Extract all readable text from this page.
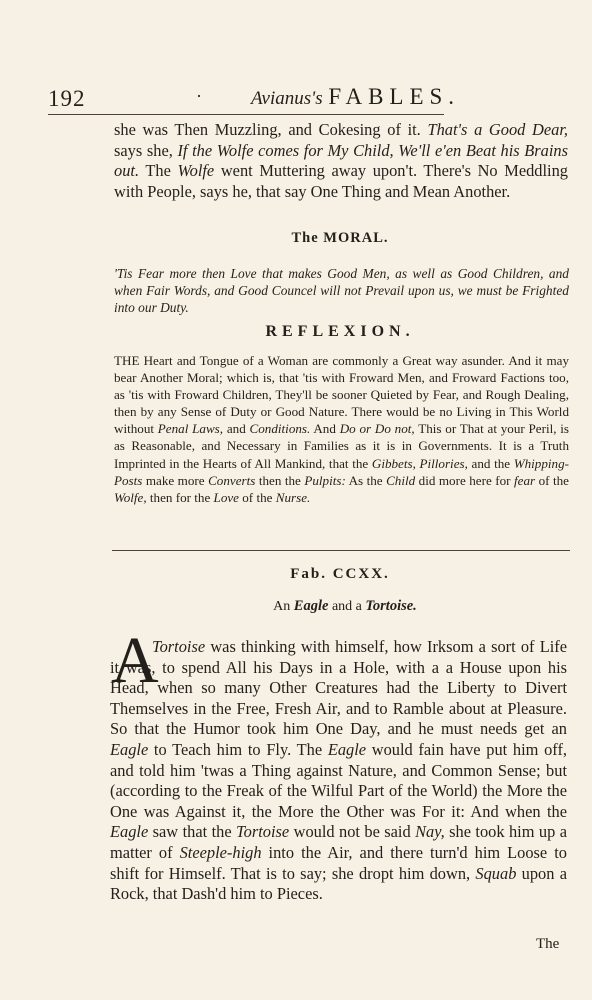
192	·	Avianus's FABLES.

she was Then Muzzling, and Cokesing of it. That's a Good Dear, says she, If the Wolfe comes for My Child, We'll e'en Beat his Brains out. The Wolfe went Muttering away upon't. There's No Meddling with People, says he, that say One Thing and Mean Another.

The MORAL.

'Tis Fear more then Love that makes Good Men, as well as Good Children, and when Fair Words, and Good Councel will not Prevail upon us, we must be Frighted into our Duty.

REFLEXION.

THE Heart and Tongue of a Woman are commonly a Great way asunder. And it may bear Another Moral; which is, that 'tis with Froward Men, and Froward Factions too, as 'tis with Froward Children, They'll be sooner Quieted by Fear, and Rough Dealing, then by any Sense of Duty or Good Nature. There would be no Living in This World without Penal Laws, and Conditions. And Do or Do not, This or That at your Peril, is as Reasonable, and Necessary in Families as it is in Governments. It is a Truth Imprinted in the Hearts of All Mankind, that the Gibbets, Pillories, and the Whipping-Posts make more Converts then the Pulpits: As the Child did more here for fear of the Wolfe, then for the Love of the Nurse.

Fab. CCXX.
An Eagle and a Tortoise.
A

Tortoise was thinking with himself, how Irksom a sort of Life it was, to spend All his Days in a Hole, with a a House upon his Head, when so many Other Creatures had the Liberty to Divert Themselves in the Free, Fresh Air, and to Ramble about at Pleasure. So that the Humor took him One Day, and he must needs get an Eagle to Teach him to Fly. The Eagle would fain have put him off, and told him 'twas a Thing against Nature, and Common Sense; but (according to the Freak of the Wilful Part of the World) the More the One was Against it, the More the Other was For it: And when the Eagle saw that the Tortoise would not be said Nay, she took him up a matter of Steeple-high into the Air, and there turn'd him Loose to shift for Himself. That is to say; she dropt him down, Squab upon a Rock, that Dash'd him to Pieces.

The
